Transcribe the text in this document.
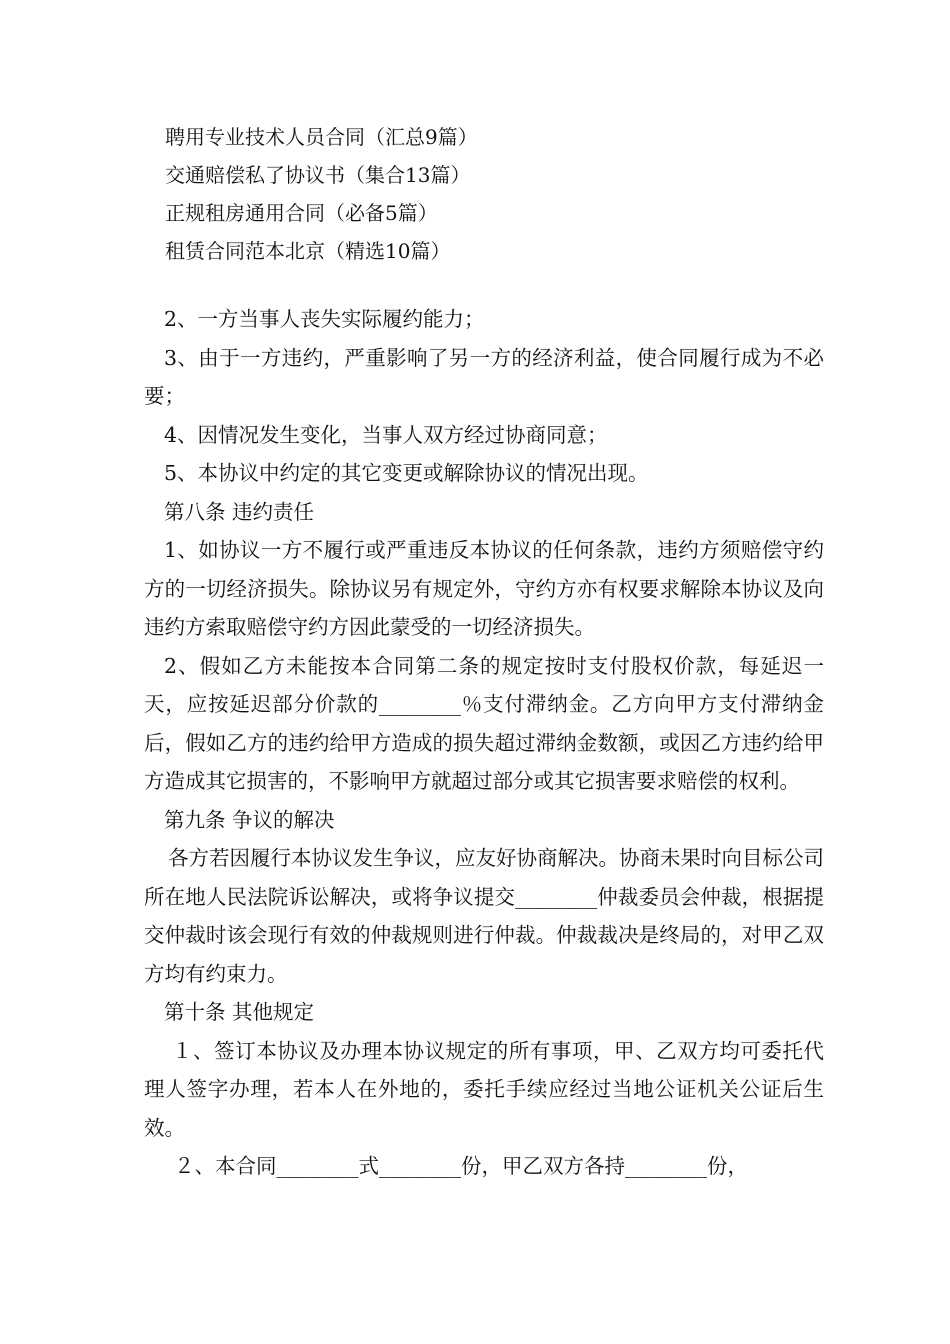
聘用专业技术人员合同（汇总9篇）
交通赔偿私了协议书（集合13篇）
正规租房通用合同（必备5篇）
租赁合同范本北京（精选10篇）

2、一方当事人丧失实际履约能力；

3、由于一方违约，严重影响了另一方的经济利益，使合同履行成为不必要；

4、因情况发生变化，当事人双方经过协商同意；

5、本协议中约定的其它变更或解除协议的情况出现。

第八条 违约责任

1、如协议一方不履行或严重违反本协议的任何条款，违约方须赔偿守约方的一切经济损失。除协议另有规定外，守约方亦有权要求解除本协议及向违约方索取赔偿守约方因此蒙受的一切经济损失。

2、假如乙方未能按本合同第二条的规定按时支付股权价款，每延迟一天，应按延迟部分价款的________％支付滞纳金。乙方向甲方支付滞纳金后，假如乙方的违约给甲方造成的损失超过滞纳金数额，或因乙方违约给甲方造成其它损害的，不影响甲方就超过部分或其它损害要求赔偿的权利。

第九条 争议的解决

各方若因履行本协议发生争议，应友好协商解决。协商未果时向目标公司所在地人民法院诉讼解决，或将争议提交________仲裁委员会仲裁，根据提交仲裁时该会现行有效的仲裁规则进行仲裁。仲裁裁决是终局的，对甲乙双方均有约束力。

第十条 其他规定

１、签订本协议及办理本协议规定的所有事项，甲、乙双方均可委托代理人签字办理，若本人在外地的，委托手续应经过当地公证机关公证后生效。

２、本合同________式________份，甲乙双方各持________份，
